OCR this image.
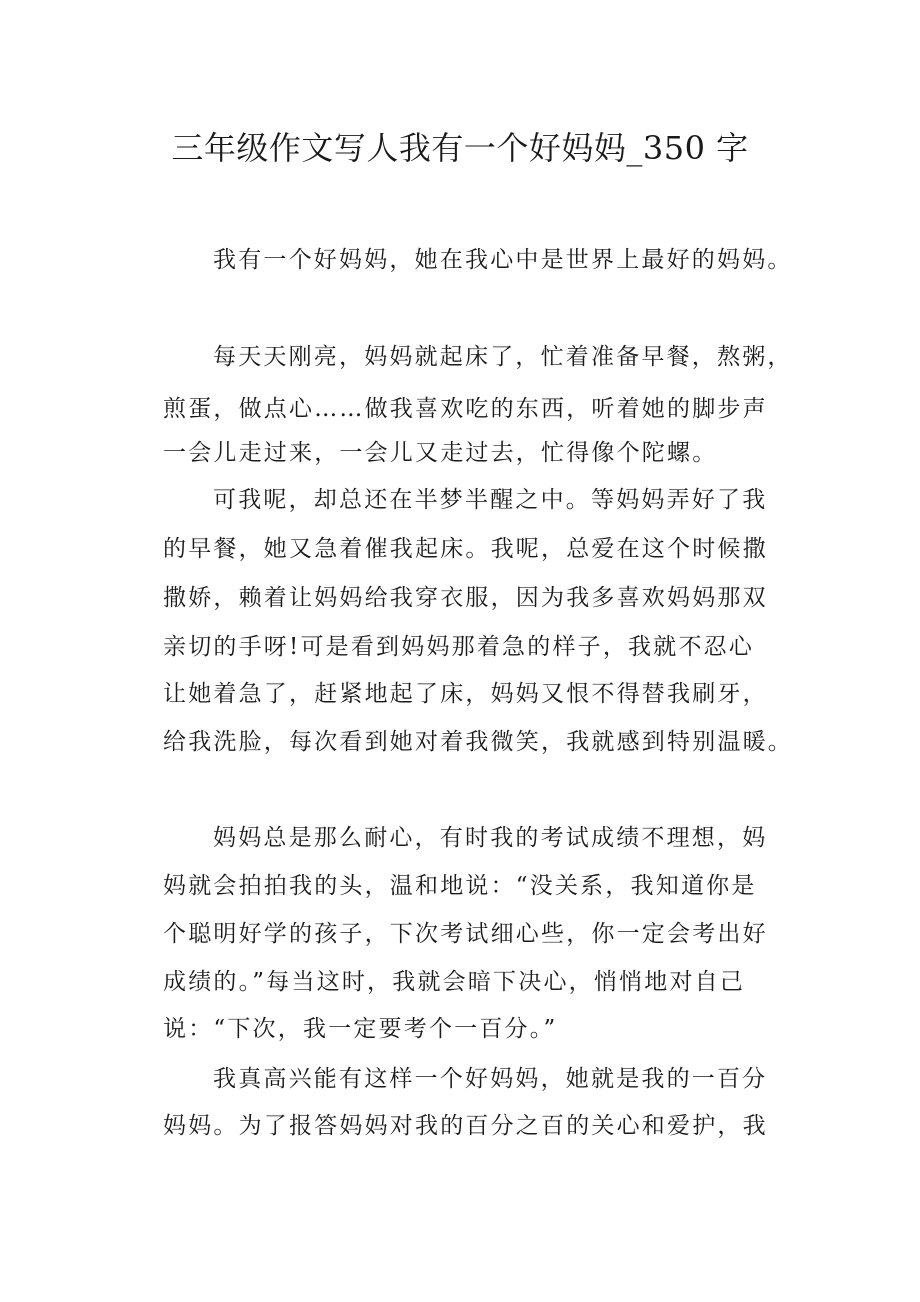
三年级作文写人我有一个好妈妈_350 字
我有一个好妈妈，她在我心中是世界上最好的妈妈。
每天天刚亮，妈妈就起床了，忙着准备早餐，熬粥，
煎蛋，做点心……做我喜欢吃的东西，听着她的脚步声
一会儿走过来，一会儿又走过去，忙得像个陀螺。
可我呢，却总还在半梦半醒之中。等妈妈弄好了我
的早餐，她又急着催我起床。我呢，总爱在这个时候撒
撒娇，赖着让妈妈给我穿衣服，因为我多喜欢妈妈那双
亲切的手呀!可是看到妈妈那着急的样子，我就不忍心
让她着急了，赶紧地起了床，妈妈又恨不得替我刷牙，
给我洗脸，每次看到她对着我微笑，我就感到特别温暖。
妈妈总是那么耐心，有时我的考试成绩不理想，妈
妈就会拍拍我的头，温和地说：“没关系，我知道你是
个聪明好学的孩子，下次考试细心些，你一定会考出好
成绩的。”每当这时，我就会暗下决心，悄悄地对自己
说：“下次，我一定要考个一百分。”
我真高兴能有这样一个好妈妈，她就是我的一百分
妈妈。为了报答妈妈对我的百分之百的关心和爱护，我
